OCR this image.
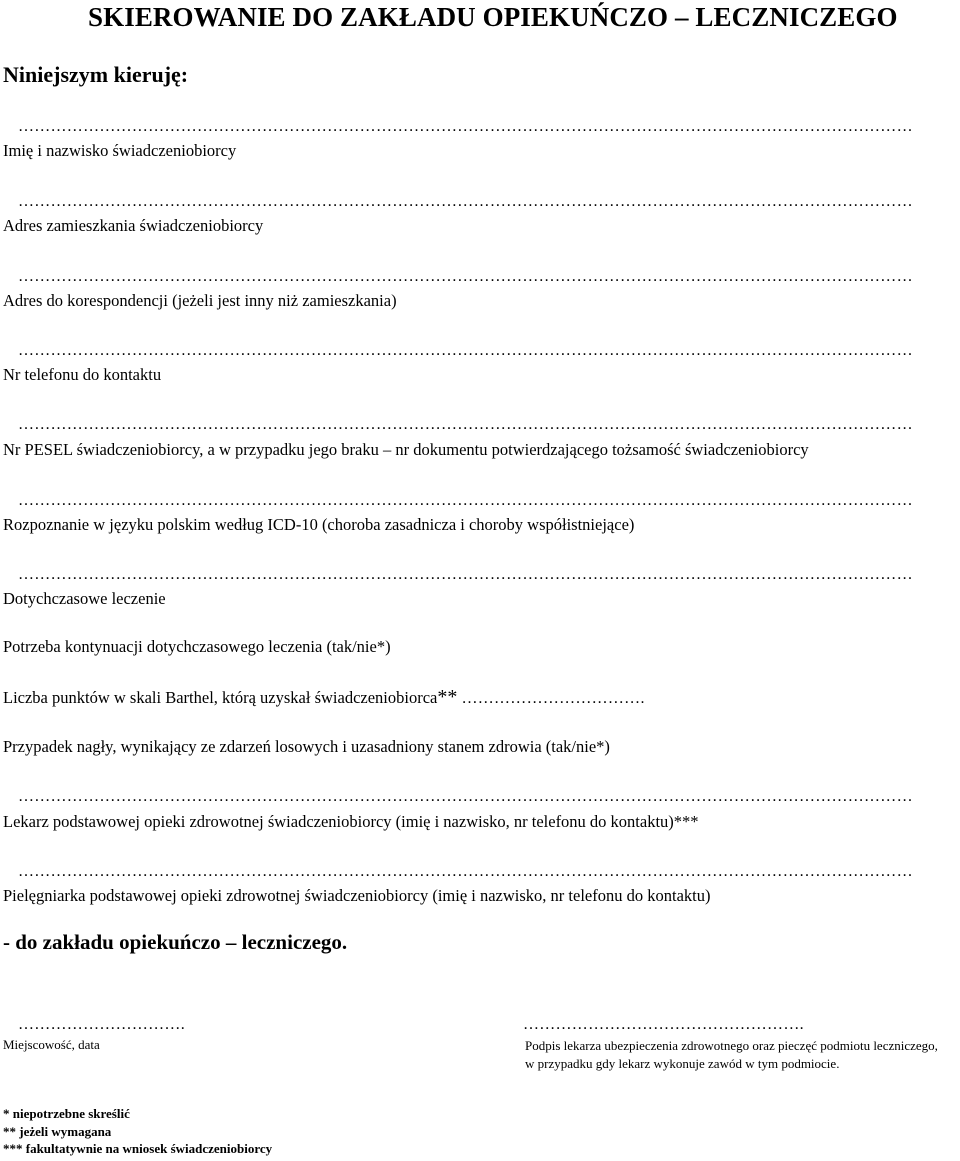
SKIEROWANIE DO ZAKŁADU OPIEKUŃCZO – LECZNICZEGO
Niniejszym kieruję:
…………………………………………………………………………………………………………………………………………………
Imię i nazwisko świadczeniobiorcy
…………………………………………………………………………………………………………………………………………………
Adres zamieszkania świadczeniobiorcy
…………………………………………………………………………………………………………………………………………………
Adres do korespondencji (jeżeli jest inny niż zamieszkania)
…………………………………………………………………………………………………………………………………………………
Nr telefonu do kontaktu
…………………………………………………………………………………………………………………………………………………
Nr PESEL świadczeniobiorcy, a w przypadku jego braku – nr dokumentu potwierdzającego tożsamość świadczeniobiorcy
…………………………………………………………………………………………………………………………………………………
Rozpoznanie w języku polskim według ICD-10 (choroba zasadnicza i choroby współistniejące)
…………………………………………………………………………………………………………………………………………………
Dotychczasowe leczenie
Potrzeba kontynuacji dotychczasowego leczenia (tak/nie*)
Liczba punktów w skali Barthel, którą uzyskał świadczeniobiorca** …………………………….
Przypadek nagły, wynikający ze zdarzeń losowych i uzasadniony stanem zdrowia (tak/nie*)
…………………………………………………………………………………………………………………………………………………
Lekarz podstawowej opieki zdrowotnej świadczeniobiorcy (imię i nazwisko, nr telefonu do kontaktu)***
…………………………………………………………………………………………………………………………………………………
Pielęgniarka podstawowej opieki zdrowotnej świadczeniobiorcy (imię i nazwisko, nr telefonu do kontaktu)
- do zakładu opiekuńczo – leczniczego.
………………………….
Miejscowość, data
…………………………………………….
Podpis lekarza ubezpieczenia zdrowotnego oraz pieczęć podmiotu leczniczego, w przypadku gdy lekarz wykonuje zawód w tym podmiocie.
* niepotrzebne skreślić
** jeżeli wymagana
*** fakultatywnie na wniosek świadczeniobiorcy
